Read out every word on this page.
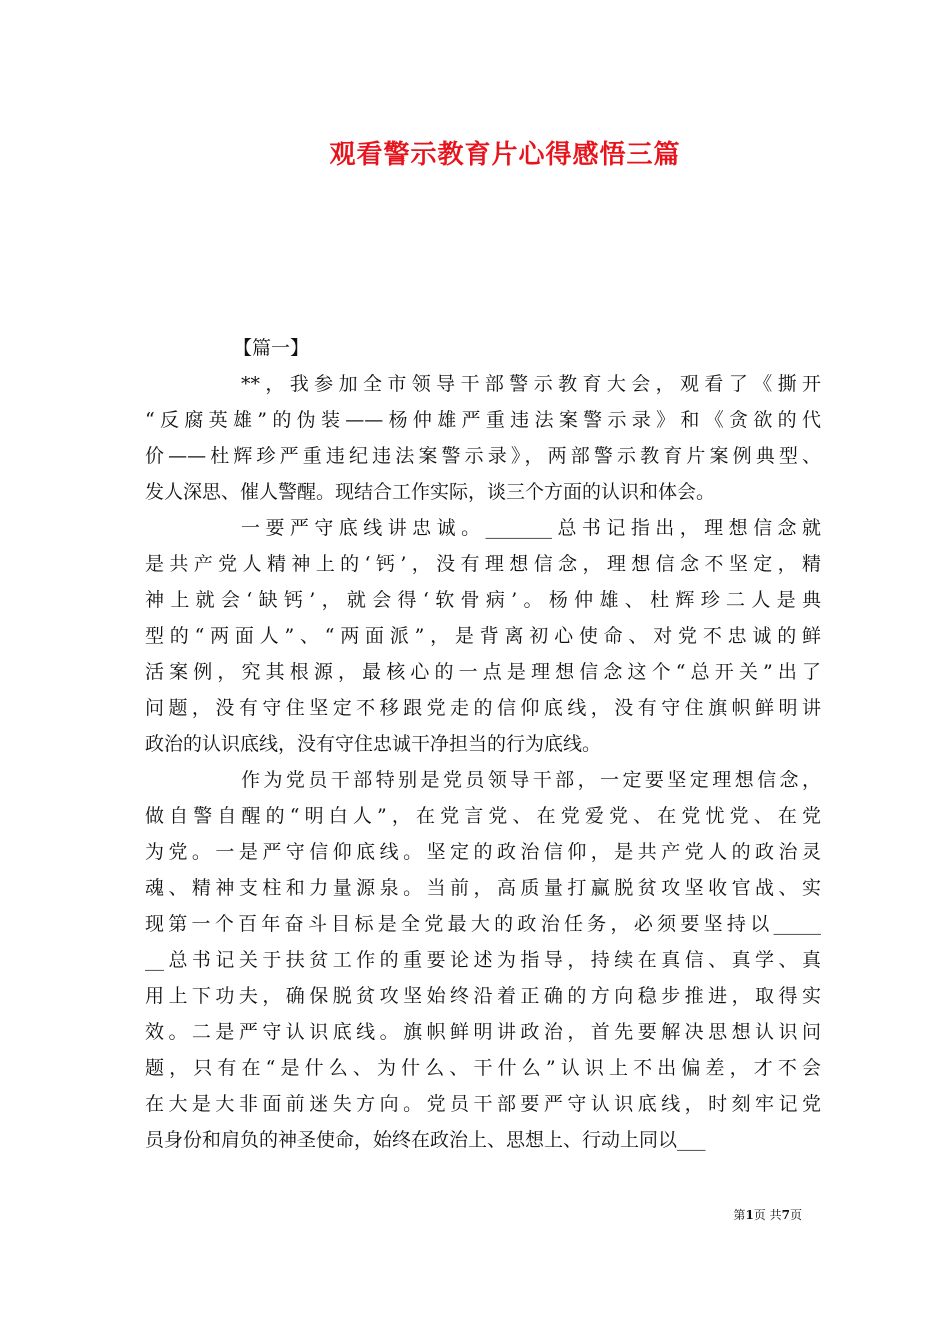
观看警示教育片心得感悟三篇
【篇一】
**，我参加全市领导干部警示教育大会，观看了《撕开
“反腐英雄”的伪装——杨仲雄严重违法案警示录》和《贪欲的代
价——杜辉珍严重违纪违法案警示录》，两部警示教育片案例典型、
发人深思、催人警醒。现结合工作实际，谈三个方面的认识和体会。
一要严守底线讲忠诚。_______总书记指出，理想信念就
是共产党人精神上的‘钙’，没有理想信念，理想信念不坚定，精
神上就会‘缺钙’，就会得‘软骨病’。杨仲雄、杜辉珍二人是典
型的“两面人”、“两面派”，是背离初心使命、对党不忠诚的鲜
活案例，究其根源，最核心的一点是理想信念这个“总开关”出了
问题，没有守住坚定不移跟党走的信仰底线，没有守住旗帜鲜明讲
政治的认识底线，没有守住忠诚干净担当的行为底线。
作为党员干部特别是党员领导干部，一定要坚定理想信念，
做自警自醒的“明白人”，在党言党、在党爱党、在党忧党、在党
为党。一是严守信仰底线。坚定的政治信仰，是共产党人的政治灵
魂、精神支柱和力量源泉。当前，高质量打赢脱贫攻坚收官战、实
现第一个百年奋斗目标是全党最大的政治任务，必须要坚持以_____
__总书记关于扶贫工作的重要论述为指导，持续在真信、真学、真
用上下功夫，确保脱贫攻坚始终沿着正确的方向稳步推进，取得实
效。二是严守认识底线。旗帜鲜明讲政治，首先要解决思想认识问
题，只有在“是什么、为什么、干什么”认识上不出偏差，才不会
在大是大非面前迷失方向。党员干部要严守认识底线，时刻牢记党
员身份和肩负的神圣使命，始终在政治上、思想上、行动上同以___
第1页 共7页
